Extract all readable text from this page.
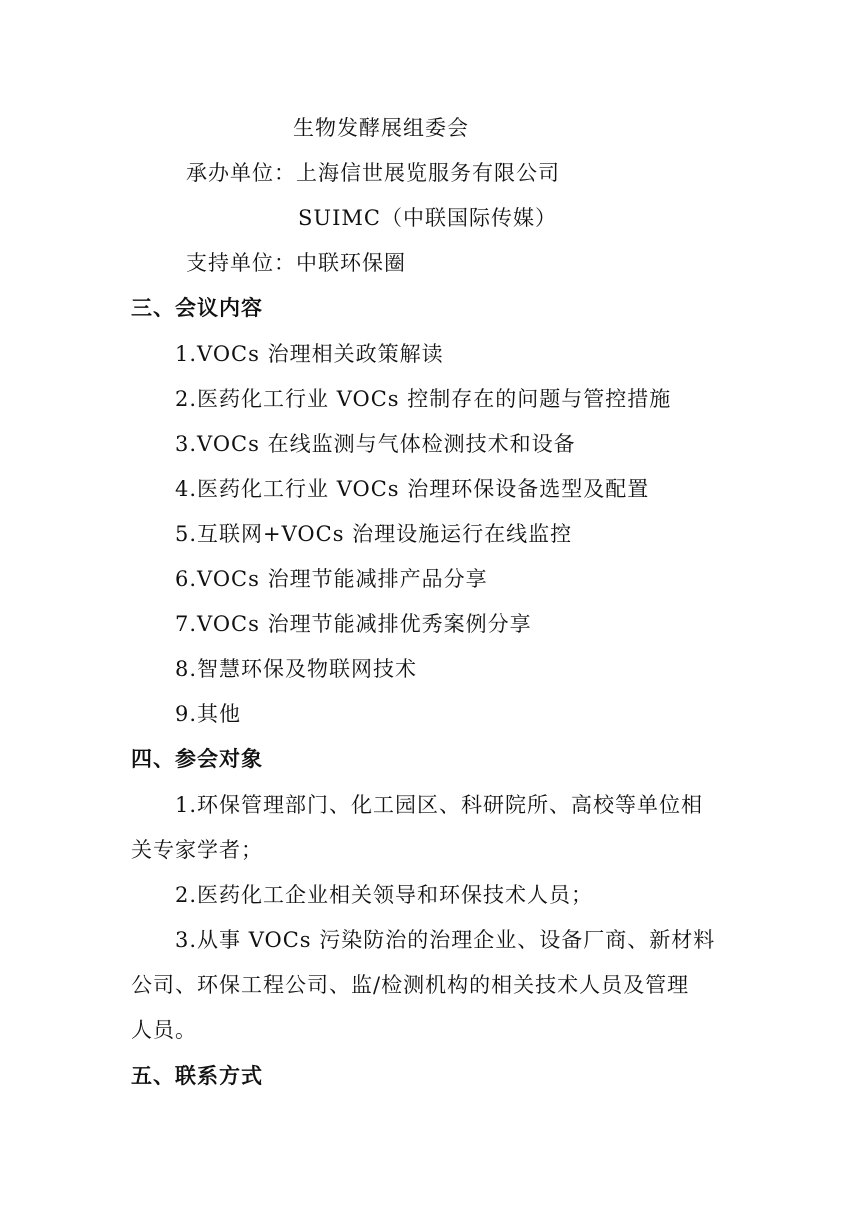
生物发酵展组委会
承办单位：上海信世展览服务有限公司
SUIMC（中联国际传媒）
支持单位：中联环保圈
三、会议内容
1.VOCs 治理相关政策解读
2.医药化工行业 VOCs 控制存在的问题与管控措施
3.VOCs 在线监测与气体检测技术和设备
4.医药化工行业 VOCs 治理环保设备选型及配置
5.互联网+VOCs 治理设施运行在线监控
6.VOCs 治理节能减排产品分享
7.VOCs 治理节能减排优秀案例分享
8.智慧环保及物联网技术
9.其他
四、参会对象
1.环保管理部门、化工园区、科研院所、高校等单位相
关专家学者；
2.医药化工企业相关领导和环保技术人员；
3.从事 VOCs 污染防治的治理企业、设备厂商、新材料
公司、环保工程公司、监/检测机构的相关技术人员及管理
人员。
五、联系方式
